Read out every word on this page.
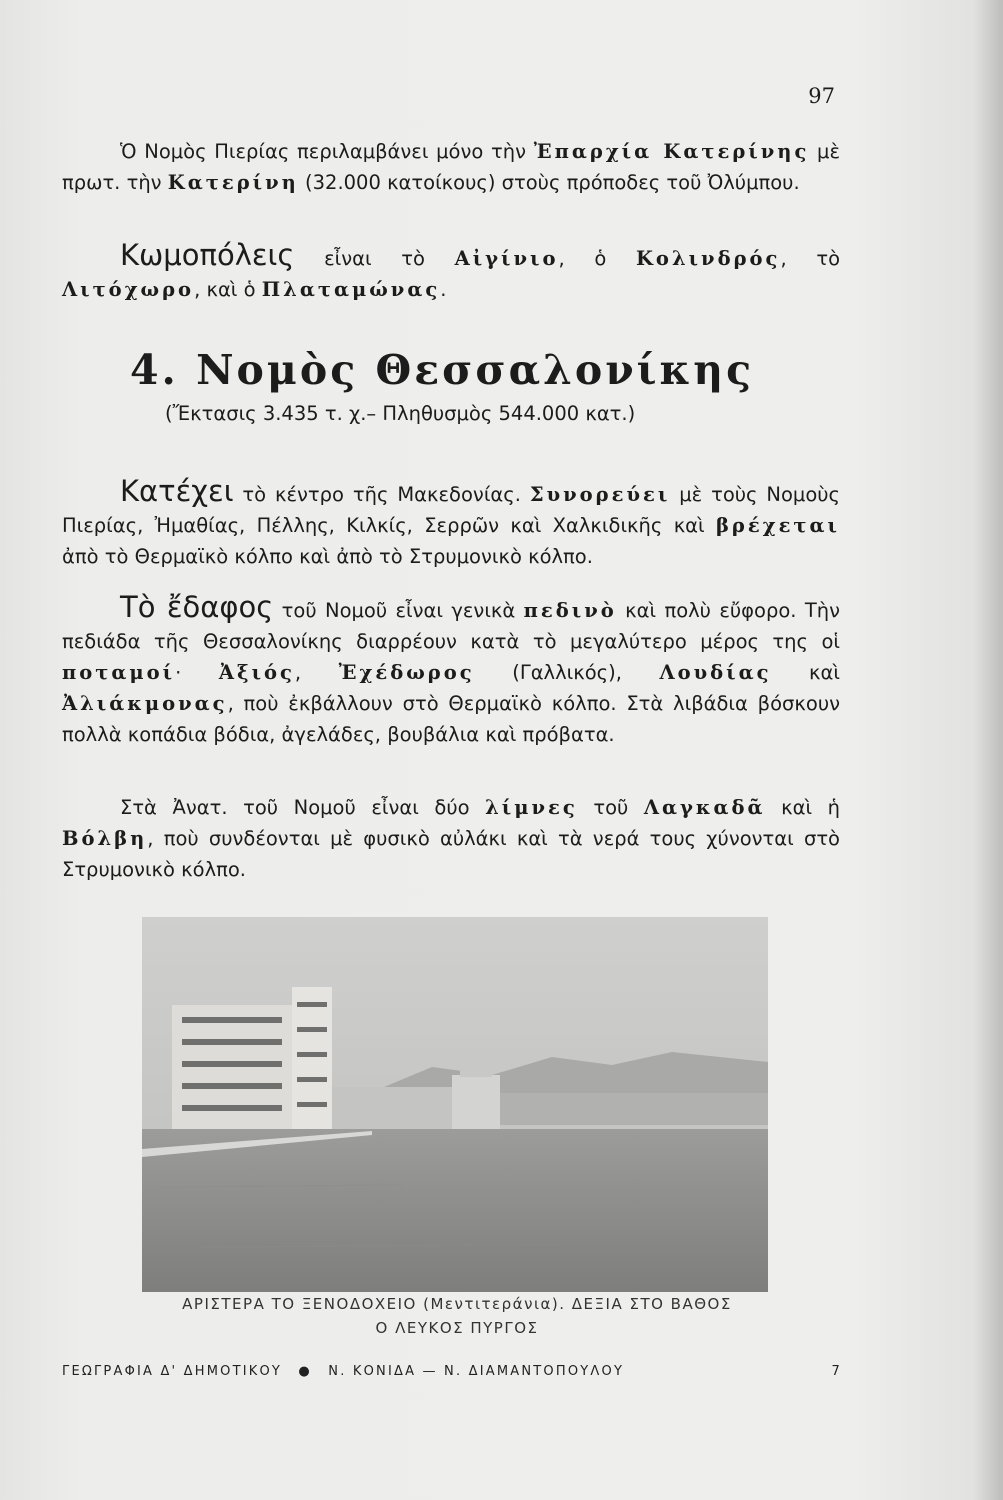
97

Ὁ Νομὸς Πιερίας περιλαμβάνει μόνο τὴν Ἐπαρχία Κατερίνης μὲ πρωτ. τὴν Κατερίνη (32.000 κατοίκους) στοὺς πρόποδες τοῦ Ὀλύμπου.

Κωμοπόλεις εἶναι τὸ Αἰγίνιο, ὁ Κολινδρός, τὸ Λιτόχωρο, καὶ ὁ Πλαταμώνας.

4. Νομὸς Θεσσαλονίκης

(Ἔκτασις 3.435 τ. χ.– Πληθυσμὸς 544.000 κατ.)

Κατέχει τὸ κέντρο τῆς Μακεδονίας. Συνορεύει μὲ τοὺς Νομοὺς Πιερίας, Ἠμαθίας, Πέλλης, Κιλκίς, Σερρῶν καὶ Χαλκιδικῆς καὶ βρέχεται ἀπὸ τὸ Θερμαϊκὸ κόλπο καὶ ἀπὸ τὸ Στρυμονικὸ κόλπο.

Τὸ ἔδαφος τοῦ Νομοῦ εἶναι γενικὰ πεδινὸ καὶ πολὺ εὔφορο. Τὴν πεδιάδα τῆς Θεσσαλονίκης διαρρέουν κατὰ τὸ μεγαλύτερο μέρος της οἱ ποταμοί· Ἀξιός, Ἐχέδωρος (Γαλλικός), Λουδίας καὶ Ἀλιάκμονας, ποὺ ἐκβάλλουν στὸ Θερμαϊκὸ κόλπο. Στὰ λιβάδια βόσκουν πολλὰ κοπάδια βόδια, ἀγελάδες, βουβάλια καὶ πρόβατα.

Στὰ Ἀνατ. τοῦ Νομοῦ εἶναι δύο λίμνες τοῦ Λαγκαδᾶ καὶ ἡ Βόλβη, ποὺ συνδέονται μὲ φυσικὸ αὐλάκι καὶ τὰ νερά τους χύνονται στὸ Στρυμονικὸ κόλπο.

ΑΡΙΣΤΕΡΑ ΤΟ ΞΕΝΟΔΟΧΕΙΟ (Μεντιτεράνια). ΔΕΞΙΑ ΣΤΟ ΒΑΘΟΣ
Ο ΛΕΥΚΟΣ ΠΥΡΓΟΣ
ΓΕΩΓΡΑΦΙΑ Δ' ΔΗΜΟΤΙΚΟΥ ● Ν. ΚΟΝΙΔΑ — Ν. ΔΙΑΜΑΝΤΟΠΟΥΛΟΥ	7
